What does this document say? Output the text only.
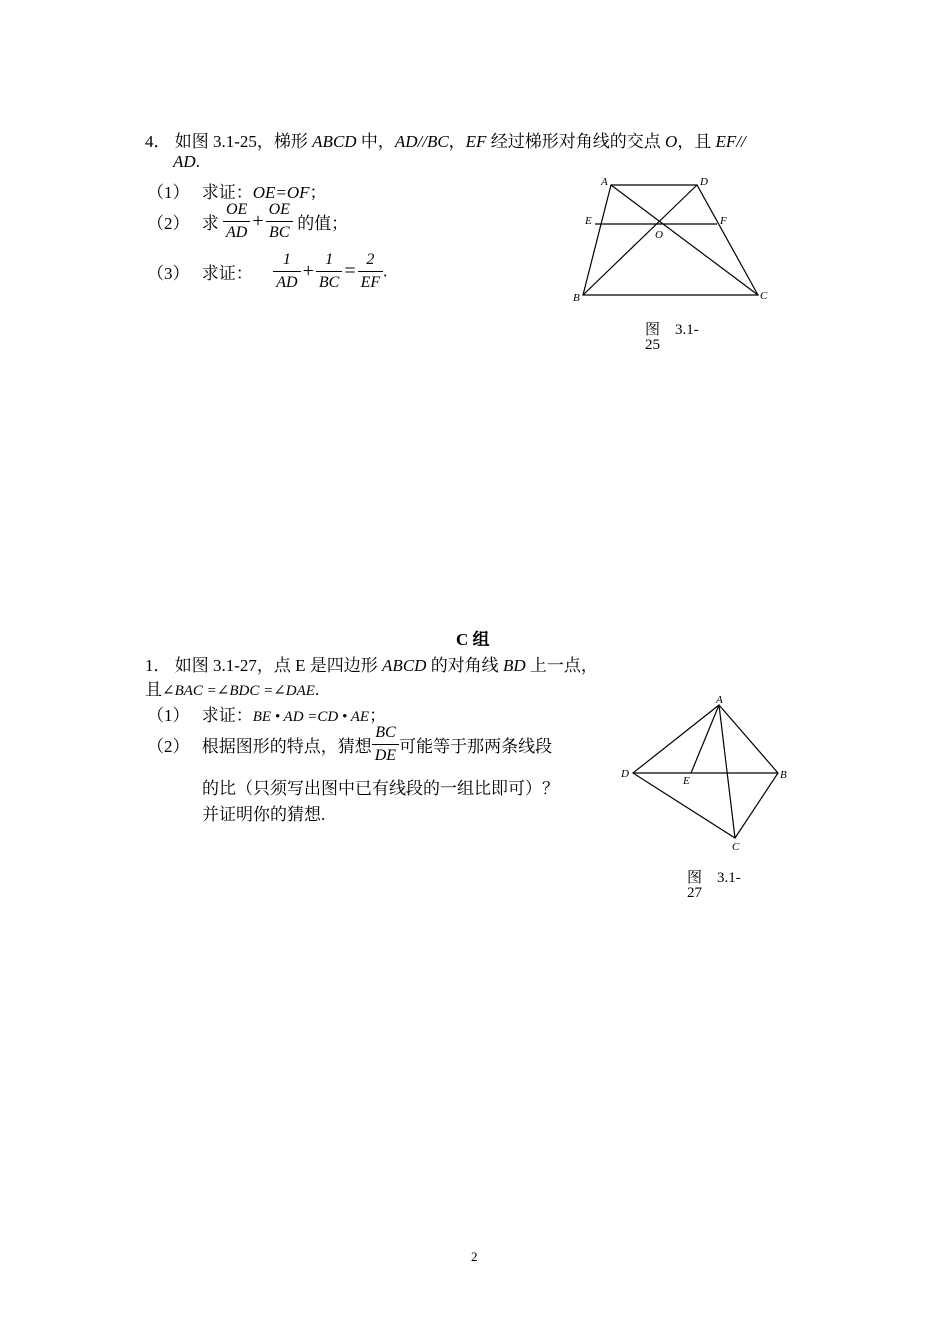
4． 如图 3.1-25，梯形 ABCD 中，AD//BC，EF 经过梯形对角线的交点 O，且 EF//
AD.
（1） 求证：OE=OF；
（2） 求 $\frac{OE}{AD} + \frac{OE}{BC}$ 的值；
（3） 求证： $\frac{1}{AD} + \frac{1}{BC} = \frac{2}{EF}$ .
A	D
E	F
O
B	C
图　3.1-
25
C 组
1． 如图 3.1-27，点 E 是四边形 ABCD 的对角线 BD 上一点，
且∠BAC =∠BDC =∠DAE.
（1） 求证：BE • AD =CD • AE；
（2） 根据图形的特点，猜想 $\frac{BC}{DE}$ 可能等于那两条线段
的比（只须写出图中已有线段的一组比即可）？
并证明你的猜想.
A
D
E	B
C
图　3.1-
27
2
